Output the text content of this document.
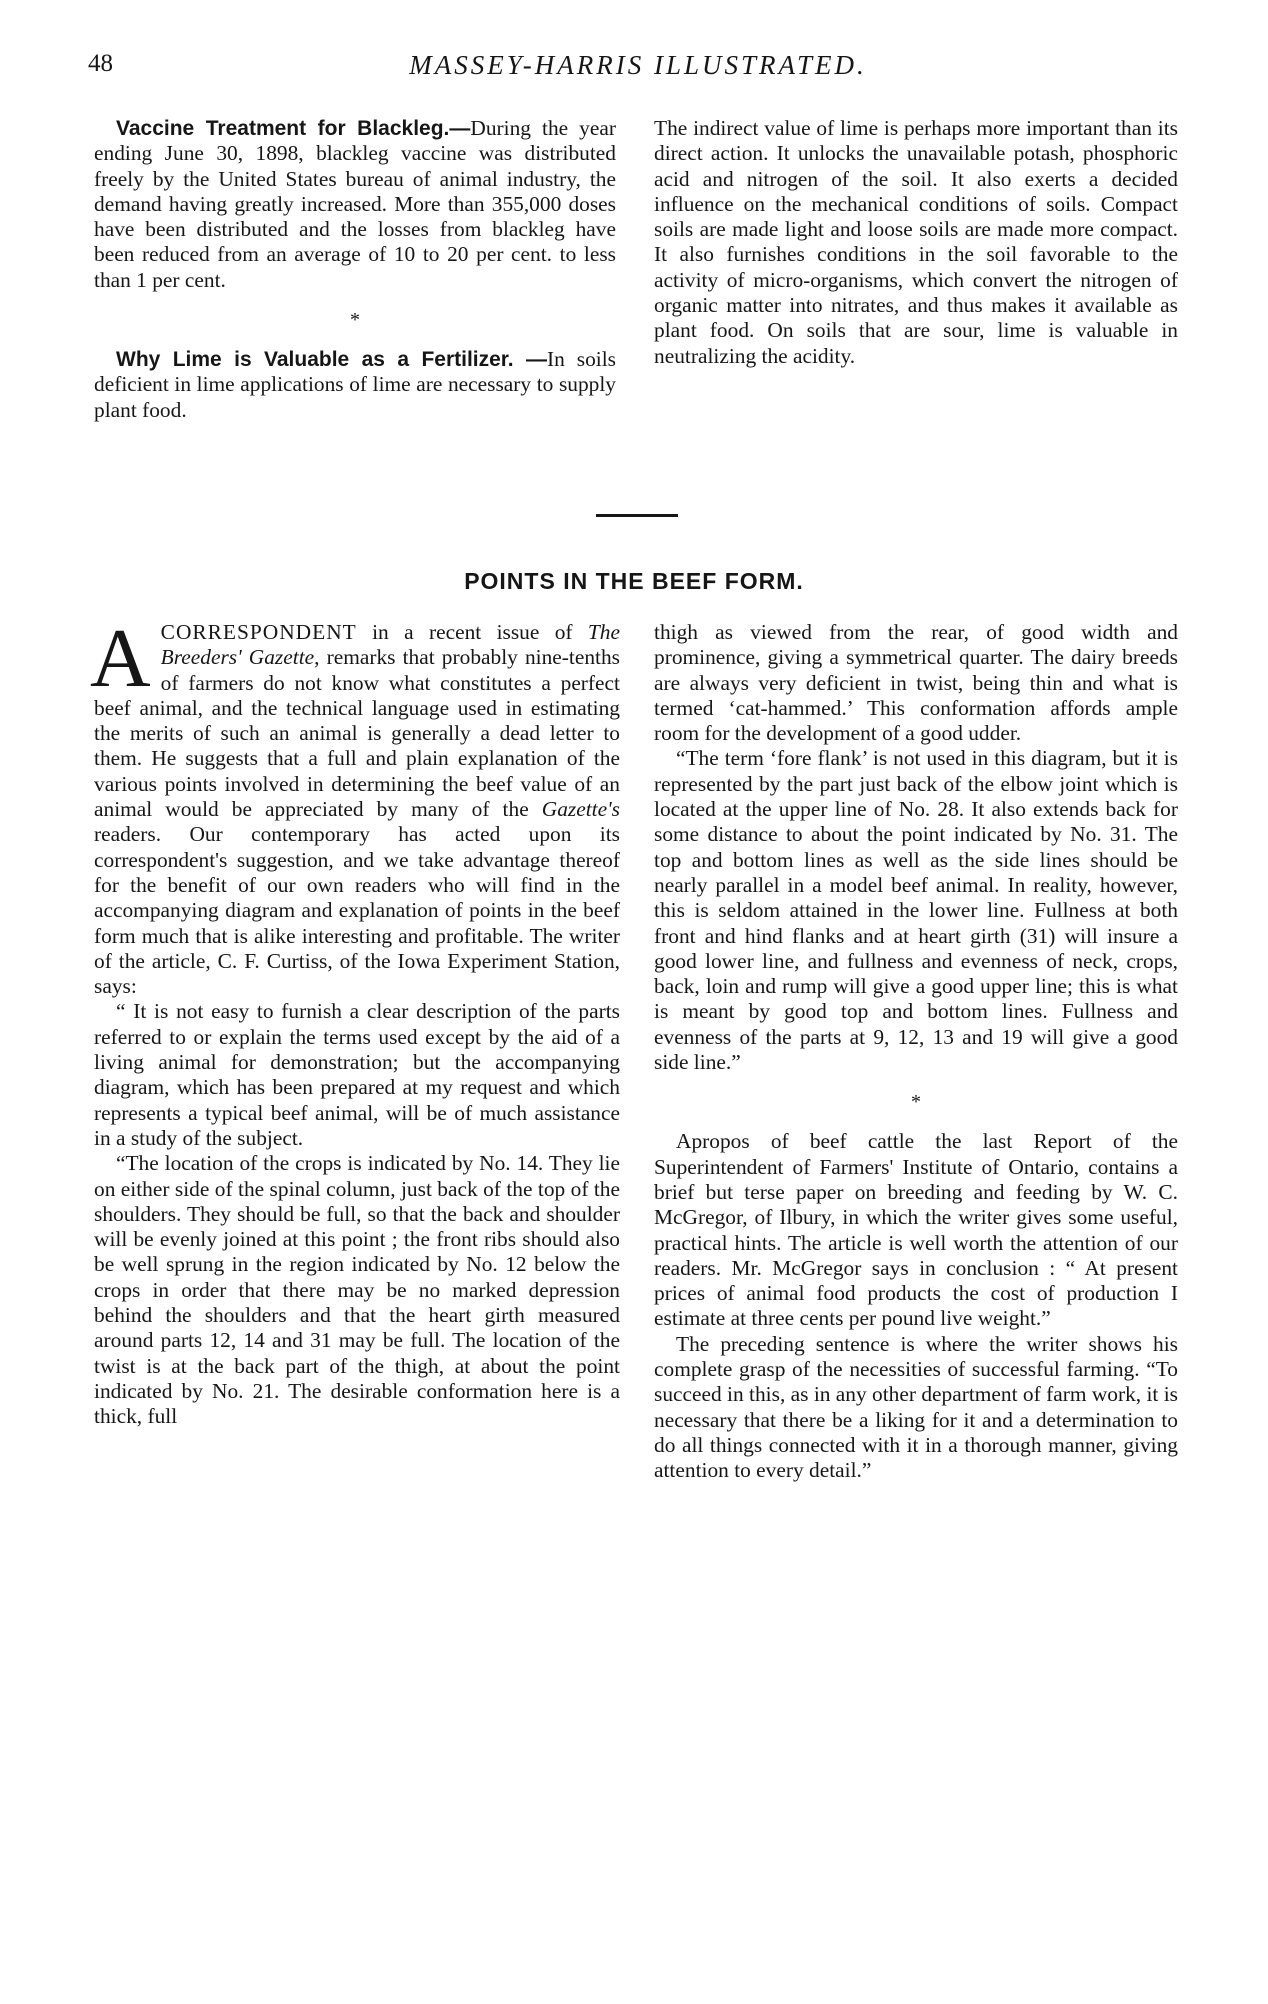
48	MASSEY-HARRIS ILLUSTRATED.

Vaccine Treatment for Blackleg.—During the year ending June 30, 1898, blackleg vaccine was distributed freely by the United States bureau of animal industry, the demand having greatly increased. More than 355,000 doses have been distributed and the losses from blackleg have been reduced from an average of 10 to 20 per cent. to less than 1 per cent.

*

Why Lime is Valuable as a Fertilizer. —In soils deficient in lime applications of lime are necessary to supply plant food.

The indirect value of lime is perhaps more important than its direct action. It unlocks the unavailable potash, phosphoric acid and nitrogen of the soil. It also exerts a decided influence on the mechanical conditions of soils. Compact soils are made light and loose soils are made more compact. It also furnishes conditions in the soil favorable to the activity of micro-organisms, which convert the nitrogen of organic matter into nitrates, and thus makes it available as plant food. On soils that are sour, lime is valuable in neutralizing the acidity.

POINTS IN THE BEEF FORM.

ACORRESPONDENT in a recent issue of The Breeders' Gazette, remarks that probably nine-tenths of farmers do not know what constitutes a perfect beef animal, and the technical language used in estimating the merits of such an animal is generally a dead letter to them. He suggests that a full and plain explanation of the various points involved in determining the beef value of an animal would be appreciated by many of the Gazette's readers. Our contemporary has acted upon its correspondent's suggestion, and we take advantage thereof for the benefit of our own readers who will find in the accompanying diagram and explanation of points in the beef form much that is alike interesting and profitable. The writer of the article, C. F. Curtiss, of the Iowa Experiment Station, says:

“ It is not easy to furnish a clear description of the parts referred to or explain the terms used except by the aid of a living animal for demonstration; but the accompanying diagram, which has been prepared at my request and which represents a typical beef animal, will be of much assistance in a study of the subject.

“The location of the crops is indicated by No. 14. They lie on either side of the spinal column, just back of the top of the shoulders. They should be full, so that the back and shoulder will be evenly joined at this point ; the front ribs should also be well sprung in the region indicated by No. 12 below the crops in order that there may be no marked depression behind the shoulders and that the heart girth measured around parts 12, 14 and 31 may be full. The location of the twist is at the back part of the thigh, at about the point indicated by No. 21. The desirable conformation here is a thick, full

thigh as viewed from the rear, of good width and prominence, giving a symmetrical quarter. The dairy breeds are always very deficient in twist, being thin and what is termed ‘cat-hammed.’ This conformation affords ample room for the development of a good udder.

“The term ‘fore flank’ is not used in this diagram, but it is represented by the part just back of the elbow joint which is located at the upper line of No. 28. It also extends back for some distance to about the point indicated by No. 31. The top and bottom lines as well as the side lines should be nearly parallel in a model beef animal. In reality, however, this is seldom attained in the lower line. Fullness at both front and hind flanks and at heart girth (31) will insure a good lower line, and fullness and evenness of neck, crops, back, loin and rump will give a good upper line; this is what is meant by good top and bottom lines. Fullness and evenness of the parts at 9, 12, 13 and 19 will give a good side line.”

*

Apropos of beef cattle the last Report of the Superintendent of Farmers' Institute of Ontario, contains a brief but terse paper on breeding and feeding by W. C. McGregor, of Ilbury, in which the writer gives some useful, practical hints. The article is well worth the attention of our readers. Mr. McGregor says in conclusion : “ At present prices of animal food products the cost of production I estimate at three cents per pound live weight.”

The preceding sentence is where the writer shows his complete grasp of the necessities of successful farming. “To succeed in this, as in any other department of farm work, it is necessary that there be a liking for it and a determination to do all things connected with it in a thorough manner, giving attention to every detail.”
